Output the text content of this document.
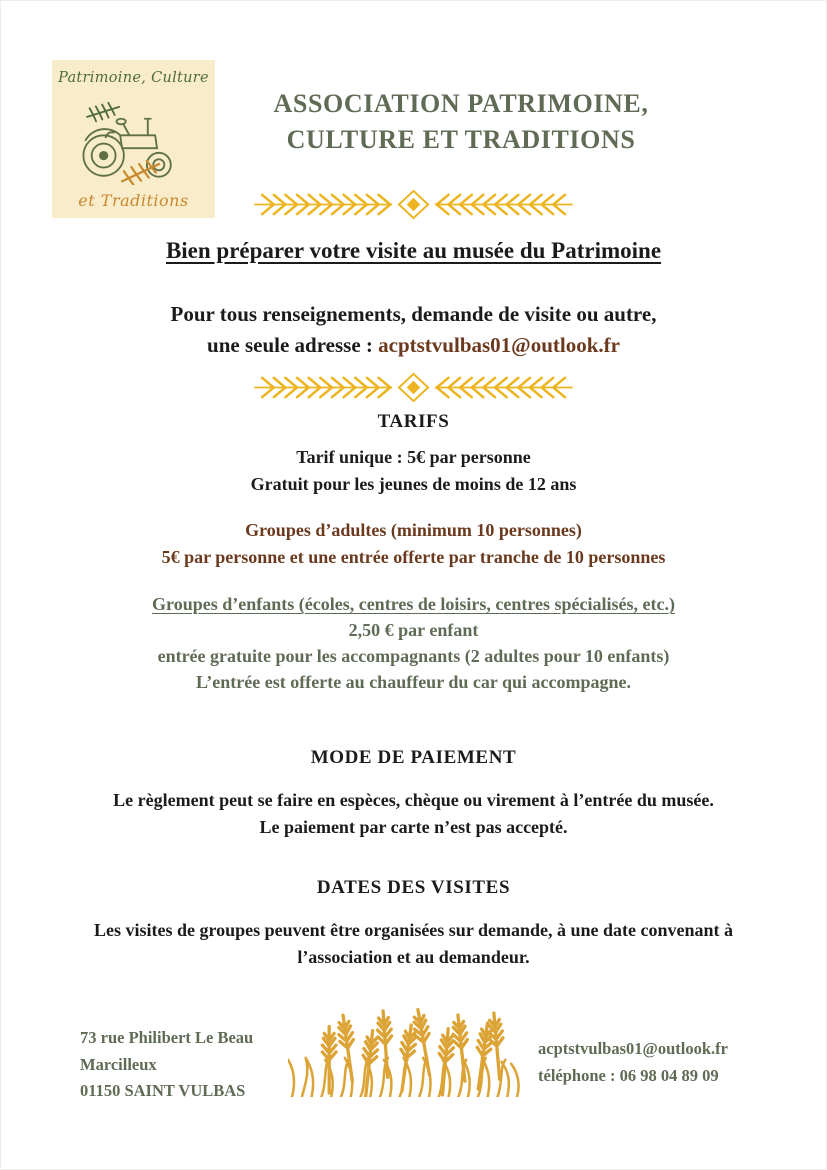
Patrimoine, Culture
et Traditions
ASSOCIATION PATRIMOINE,
CULTURE ET TRADITIONS
Bien préparer votre visite au musée du Patrimoine
Pour tous renseignements, demande de visite ou autre,
une seule adresse : acptstvulbas01@outlook.fr
TARIFS
Tarif unique : 5€ par personne
Gratuit pour les jeunes de moins de 12 ans
Groupes d’adultes (minimum 10 personnes)
5€ par personne et une entrée offerte par tranche de 10 personnes
Groupes d’enfants (écoles, centres de loisirs, centres spécialisés, etc.)
2,50 € par enfant
entrée gratuite pour les accompagnants (2 adultes pour 10 enfants)
L’entrée est offerte au chauffeur du car qui accompagne.
MODE DE PAIEMENT
Le règlement peut se faire en espèces, chèque ou virement à l’entrée du musée.
Le paiement par carte n’est pas accepté.
DATES DES VISITES
Les visites de groupes peuvent être organisées sur demande, à une date convenant à
l’association et au demandeur.
73 rue Philibert Le Beau
Marcilleux
01150 SAINT VULBAS
acptstvulbas01@outlook.fr
téléphone : 06 98 04 89 09
